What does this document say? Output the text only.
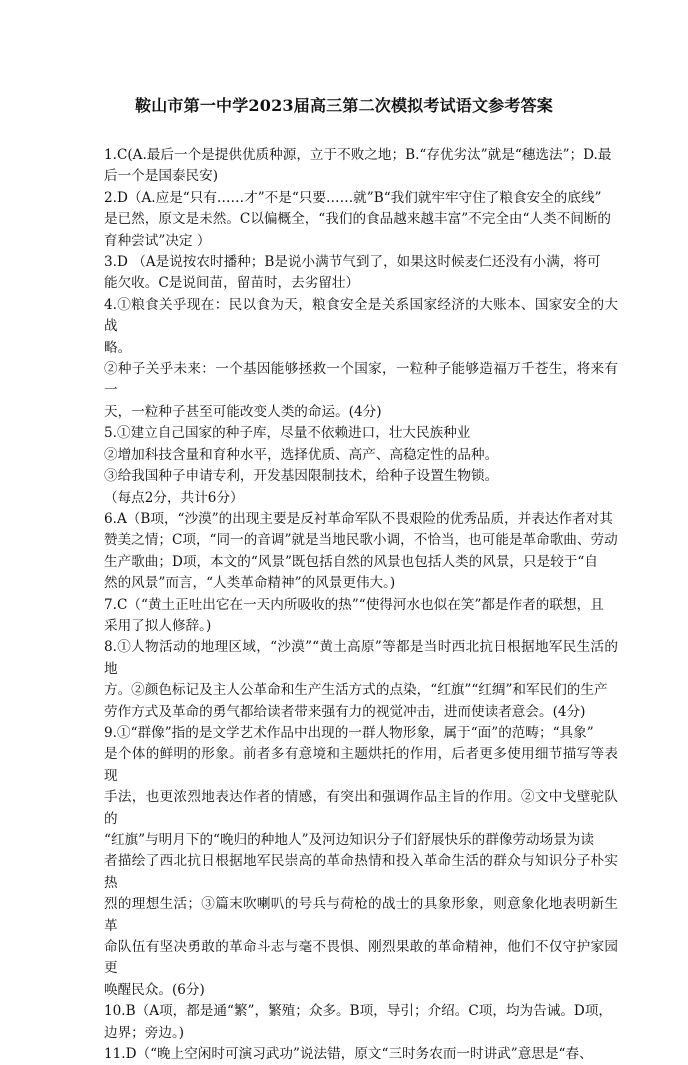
鞍山市第一中学2023届高三第二次模拟考试语文参考答案

1.C(A.最后一个是提供优质种源，立于不败之地；B.“存优劣汰”就是“穗选法”；D.最

后一个是国泰民安)

2.D（A.应是“只有……才”不是“只要……就”B“我们就牢牢守住了粮食安全的底线”

是已然，原文是未然。C以偏概全，“我们的食品越来越丰富”不完全由“人类不间断的

育种尝试”决定 ）

3.D （A是说按农时播种；B是说小满节气到了，如果这时候麦仁还没有小满，将可

能欠收。C是说间苗，留苗时，去劣留壮）

4.①粮食关乎现在：民以食为天，粮食安全是关系国家经济的大账本、国家安全的大战

略。

②种子关乎未来：一个基因能够拯救一个国家，一粒种子能够造福万千苍生，将来有一

天，一粒种子甚至可能改变人类的命运。(4分)

5.①建立自己国家的种子库，尽量不依赖进口，壮大民族种业

②增加科技含量和育种水平，选择优质、高产、高稳定性的品种。

③给我国种子申请专利，开发基因限制技术，给种子设置生物锁。

（每点2分，共计6分）

6.A（B项，“沙漠”的出现主要是反衬革命军队不畏艰险的优秀品质，并表达作者对其

赞美之情；C项，“同一的音调”就是当地民歌小调，不恰当，也可能是革命歌曲、劳动

生产歌曲；D项，本文的“风景”既包括自然的风景也包括人类的风景，只是较于“自

然的风景”而言，“人类革命精神”的风景更伟大。)

7.C（“黄土正吐出它在一天内所吸收的热”“使得河水也似在笑”都是作者的联想，且

采用了拟人修辞。)

8.①人物活动的地理区域，“沙漠”“黄土高原”等都是当时西北抗日根据地军民生活的地

方。②颜色标记及主人公革命和生产生活方式的点染，“红旗”“红绸”和军民们的生产

劳作方式及革命的勇气都给读者带来强有力的视觉冲击，进而使读者意会。(4分)

9.①“群像”指的是文学艺术作品中出现的一群人物形象，属于“面”的范畴；“具象”

是个体的鲜明的形象。前者多有意境和主题烘托的作用，后者更多使用细节描写等表现

手法，也更浓烈地表达作者的情感，有突出和强调作品主旨的作用。②文中戈壁驼队的

“红旗”与明月下的“晚归的种地人”及河边知识分子们舒展快乐的群像劳动场景为读

者描绘了西北抗日根据地军民崇高的革命热情和投入革命生活的群众与知识分子朴实热

烈的理想生活；③篇末吹喇叭的号兵与荷枪的战士的具象形象，则意象化地表明新生革

命队伍有坚决勇敢的革命斗志与毫不畏惧、刚烈果敢的革命精神，他们不仅守护家园更

唤醒民众。(6分)

10.B（A项，都是通“繁”，繁殖；众多。B项，导引；介绍。C项，均为告诫。D项，

边界；旁边。)

11.D（“晚上空闲时可演习武功”说法错，原文“三时务农而一时讲武”意思是“春、
